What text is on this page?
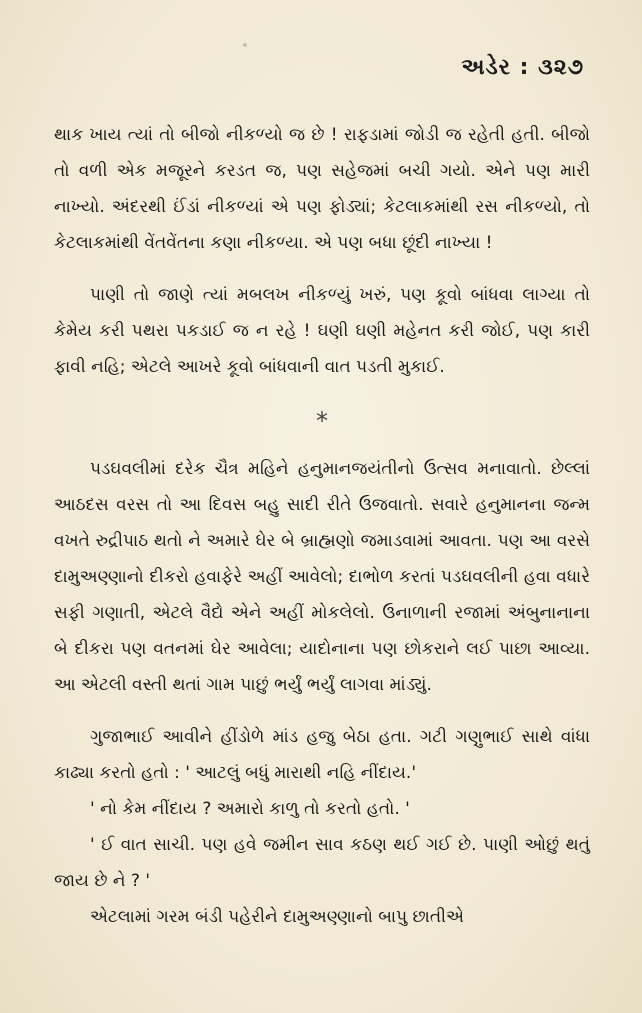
અડેર : ૩૨૭

થાક ખાય ત્યાં તો બીજો નીકળ્યો જ છે ! રાફડામાં જોડી જ રહેતી હતી. બીજો તો વળી એક મજૂરને કરડત જ, પણ સહેજમાં બચી ગયો. એને પણ મારી નાખ્યો. અંદરથી ઈંડાં નીકળ્યાં એ પણ ફોડ્યાં; કેટલાકમાંથી રસ નીકળ્યો, તો કેટલાકમાંથી વેંતવેંતના કણા નીકળ્યા. એ પણ બધા છૂંદી નાખ્યા !

પાણી તો જાણે ત્યાં મબલખ નીકળ્યું ખરું, પણ કૂવો બાંધવા લાગ્યા તો કેમેય કરી પથરા પકડાઈ જ ન રહે ! ઘણી ઘણી મહેનત કરી જોઈ, પણ કારી ફાવી નહિ; એટલે આખરે કૂવો બાંધવાની વાત પડતી મુકાઈ.

*

પડઘવલીમાં દરેક ચૈત્ર મહિને હનુમાનજયંતીનો ઉત્સવ મનાવાતો. છેલ્લાં આઠદસ વરસ તો આ દિવસ બહુ સાદી રીતે ઉજવાતો. સવારે હનુમાનના જન્મ વખતે રુદ્રીપાઠ થતો ને અમારે ઘેર બે બ્રાહ્મણો જમાડવામાં આવતા. પણ આ વરસે દામુઅણ્ણાનો દીકરો હવાફેરે અહીં આવેલો; દાભોળ કરતાં પડઘવલીની હવા વધારે સફી ગણાતી, એટલે વૈદ્યે એને અહીં મોકલેલો. ઉનાળાની રજામાં અંબુનાનાના બે દીકરા પણ વતનમાં ઘેર આવેલા; યાદોનાના પણ છોકરાને લઈ પાછા આવ્યા. આ એટલી વસ્તી થતાં ગામ પાછું ભર્યું ભર્યું લાગવા માંડ્યું.

ગુજાભાઈ આવીને હીંડોળે માંડ હજુ બેઠા હતા. ગટી ગણુભાઈ સાથે વાંધા કાઢ્યા કરતો હતો : ' આટલું બધું મારાથી નહિ નીંદાય.'

' નો કેમ નીંદાય ? અમારો કાળુ તો કરતો હતો. '

' ઈ વાત સાચી. પણ હવે જમીન સાવ કઠણ થઈ ગઈ છે. પાણી ઓછું થતું જાય છે ને ? '

એટલામાં ગરમ બંડી પહેરીને દામુઅણ્ણાનો બાપુ છાતીએ
